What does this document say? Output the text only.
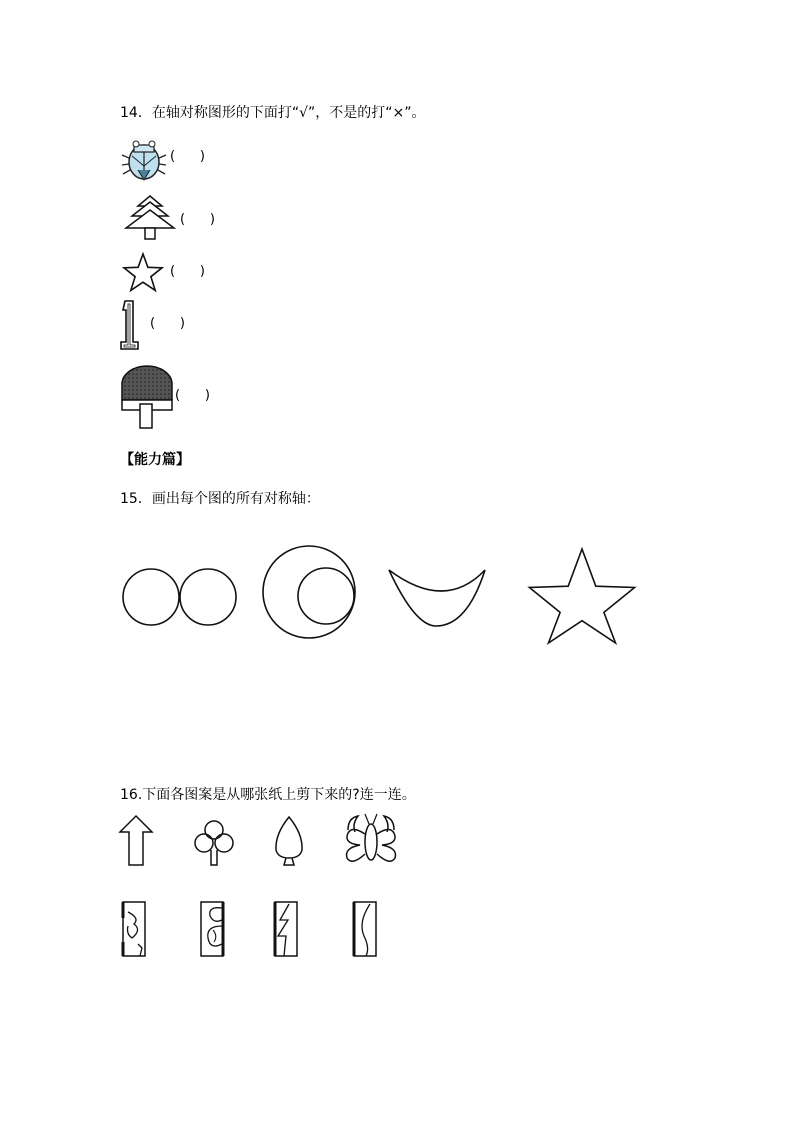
14．在轴对称图形的下面打“√”，不是的打“×”。
(      )
(      )
(      )
(      )
(      )
【能力篇】
15．画出每个图的所有对称轴：
16.下面各图案是从哪张纸上剪下来的?连一连。
